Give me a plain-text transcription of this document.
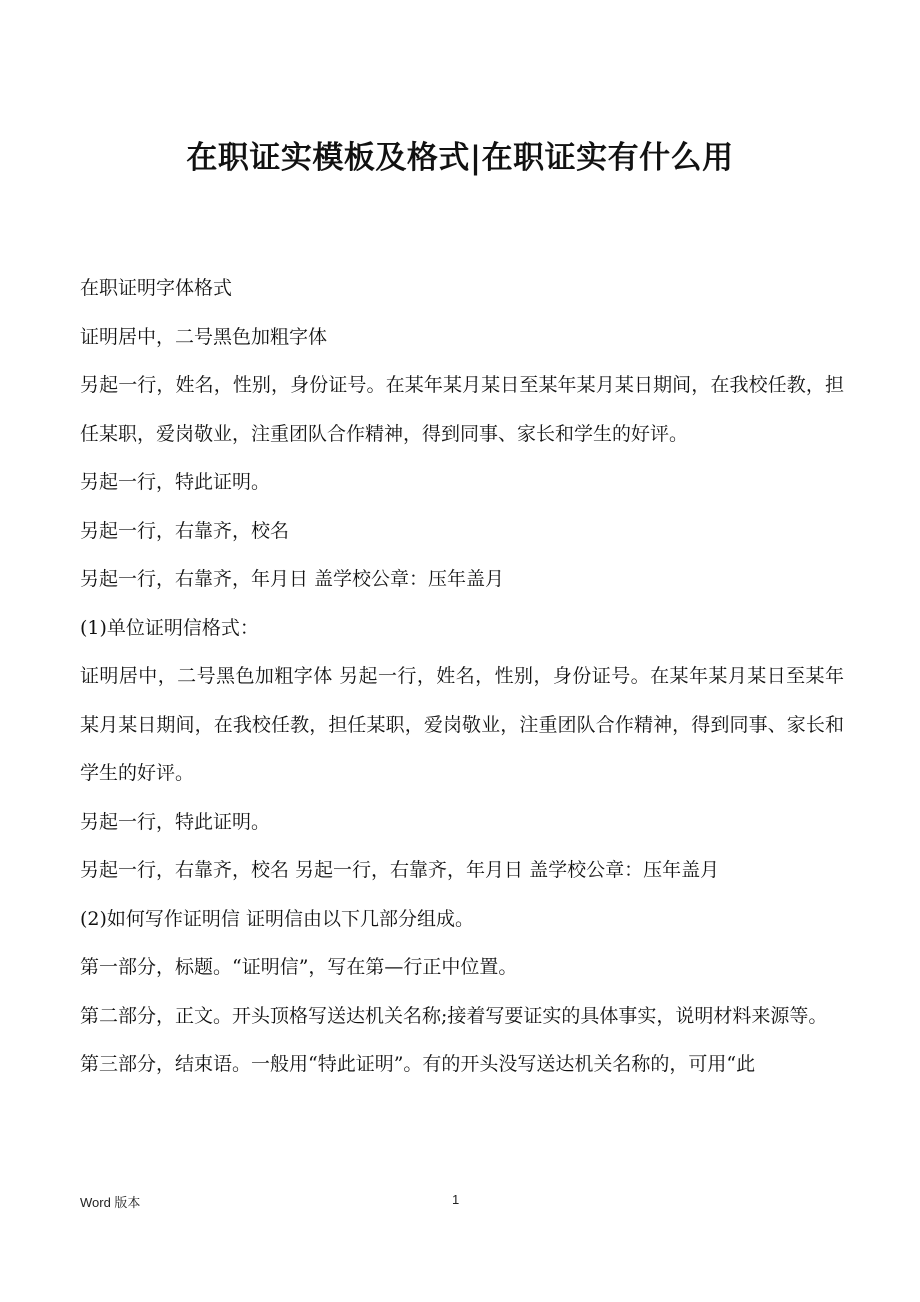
在职证实模板及格式|在职证实有什么用

在职证明字体格式

证明居中，二号黑色加粗字体

另起一行，姓名，性别，身份证号。在某年某月某日至某年某月某日期间，在我校任教，担任某职，爱岗敬业，注重团队合作精神，得到同事、家长和学生的好评。

另起一行，特此证明。

另起一行，右靠齐，校名

另起一行，右靠齐，年月日 盖学校公章：压年盖月

(1)单位证明信格式：

证明居中，二号黑色加粗字体 另起一行，姓名，性别，身份证号。在某年某月某日至某年某月某日期间，在我校任教，担任某职，爱岗敬业，注重团队合作精神，得到同事、家长和学生的好评。

另起一行，特此证明。

另起一行，右靠齐，校名 另起一行，右靠齐，年月日 盖学校公章：压年盖月

(2)如何写作证明信 证明信由以下几部分组成。

第一部分，标题。“证明信”，写在第—行正中位置。

第二部分，正文。开头顶格写送达机关名称;接着写要证实的具体事实，说明材料来源等。

第三部分，结束语。一般用“特此证明”。有的开头没写送达机关名称的，可用“此

Word 版本	1
